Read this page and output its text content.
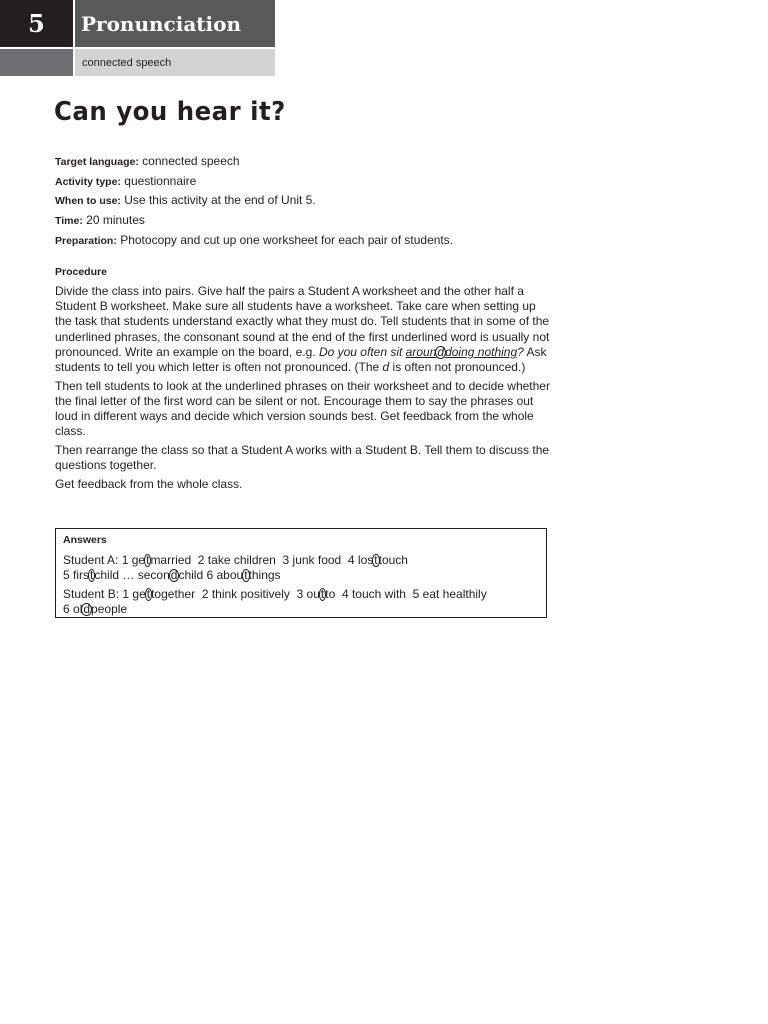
5	Pronunciation
connected speech
Can you hear it?
Target language: connected speech
Activity type: questionnaire
When to use: Use this activity at the end of Unit 5.
Time: 20 minutes
Preparation: Photocopy and cut up one worksheet for each pair of students.
Procedure

Divide the class into pairs. Give half the pairs a Student A worksheet and the other half a Student B worksheet. Make sure all students have a worksheet. Take care when setting up the task that students understand exactly what they must do. Tell students that in some of the underlined phrases, the consonant sound at the end of the first underlined word is usually not pronounced. Write an example on the board, e.g. Do you often sit arounddoing nothing? Ask students to tell you which letter is often not pronounced. (The d is often not pronounced.)

Then tell students to look at the underlined phrases on their worksheet and to decide whether the final letter of the first word can be silent or not. Encourage them to say the phrases out loud in different ways and decide which version sounds best. Get feedback from the whole class.

Then rearrange the class so that a Student A works with a Student B. Tell them to discuss the questions together.

Get feedback from the whole class.

Answers

Student A: 1 getmarried 2 take children 3 junk food 4 losttouch
5 firstchild … secondchild 6 aboutthings

Student B: 1 gettogether 2 think positively 3 outto 4 touch with 5 eat healthily
6 oldpeople
